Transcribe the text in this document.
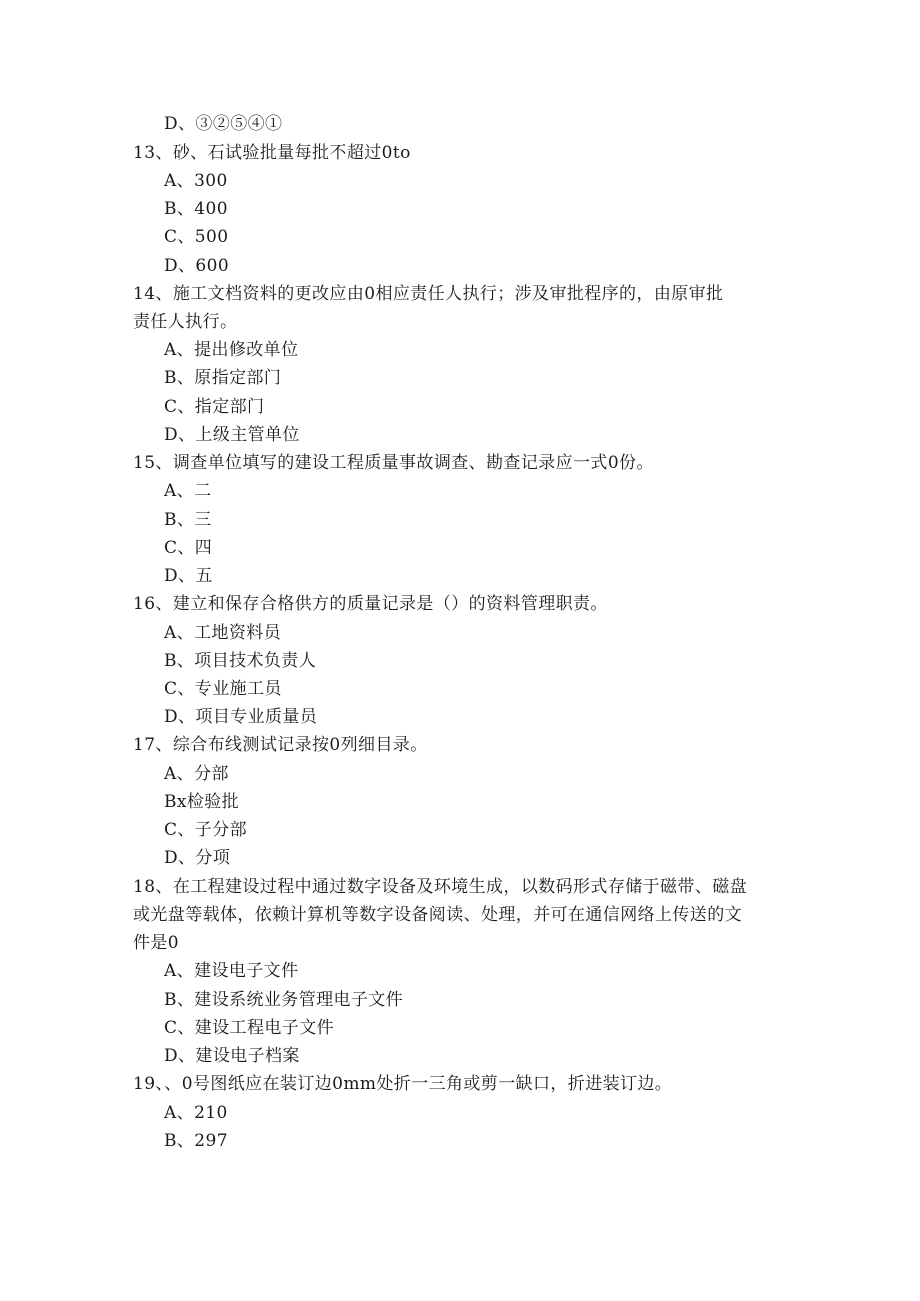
D、③②⑤④①
13、砂、石试验批量每批不超过0to
A、300
B、400
C、500
D、600
14、施工文档资料的更改应由0相应责任人执行；涉及审批程序的，由原审批
责任人执行。
A、提出修改单位
B、原指定部门
C、指定部门
D、上级主管单位
15、调查单位填写的建设工程质量事故调查、勘查记录应一式0份。
A、二
B、三
C、四
D、五
16、建立和保存合格供方的质量记录是（）的资料管理职责。
A、工地资料员
B、项目技术负责人
C、专业施工员
D、项目专业质量员
17、综合布线测试记录按0列细目录。
A、分部
Bx检验批
C、子分部
D、分项
18、在工程建设过程中通过数字设备及环境生成，以数码形式存储于磁带、磁盘
或光盘等载体，依赖计算机等数字设备阅读、处理，并可在通信网络上传送的文
件是0
A、建设电子文件
B、建设系统业务管理电子文件
C、建设工程电子文件
D、建设电子档案
19、、0号图纸应在装订边0mm处折一三角或剪一缺口，折进装订边。
A、210
B、297
